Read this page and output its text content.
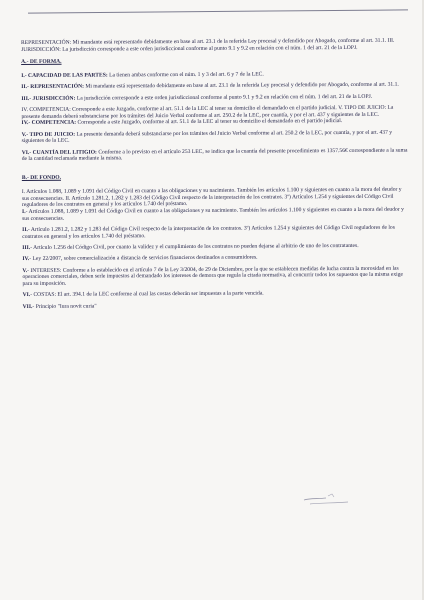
REPRESENTACIÓN: Mi mandante está representado debidamente en base al art. 23.1 de la referida Ley procesal y defendido por Abogado, conforme al art. 31.1. III. JURISDICCIÓN: La jurisdicción corresponde a este orden jurisdiccional conforme al punto 9.1 y 9.2 en relación con el núm. 1 del art. 21 de la LOPJ.

A.- DE FORMA.

I.- CAPACIDAD DE LAS PARTES: La tienen ambas conforme con el núm. 1 y 3 del art. 6 y 7 de la LEC.

II.- REPRESENTACIÓN: Mi mandante está representado debidamente en base al art. 23.1 de la referida Ley procesal y defendido por Abogado, conforme al art. 31.1.

III.- JURISDICCIÓN: La jurisdicción corresponde a este orden jurisdiccional conforme al punto 9.1 y 9.2 en relación con el núm. 1 del art. 21 de la LOPJ.

IV. COMPETENCIA: Corresponde a este Juzgado, conforme al art. 51.1 de la LEC al tener su domicilio el demandado en el partido judicial. V. TIPO DE JUICIO: La presente demanda deberá substanciarse por los trámites del Juicio Verbal conforme al art. 250.2 de la LEC, por cuantía, y por el art. 437 y siguientes de la LEC.

IV.- COMPETENCIA: Corresponde a este Juzgado, conforme al art. 51.1 de la LEC al tener su domicilio el demandado en el partido judicial.

V.- TIPO DE JUICIO: La presente demanda deberá substanciarse por los trámites del Juicio Verbal conforme al art. 250.2 de la LEC, por cuantía, y por el art. 437 y siguientes de la LEC.

VI.- CUANTÍA DEL LITIGIO: Conforme a lo previsto en el artículo 253 LEC, se indica que la cuantía del presente procedimiento es 1357.56€ correspondiente a la suma de la cantidad reclamada mediante la misma.

B.- DE FONDO.

I. Artículos 1.088, 1.089 y 1.091 del Código Civil en cuanto a las obligaciones y su nacimiento. También los artículos 1.100 y siguientes en cuanto a la mora del deudor y sus consecuencias. II. Artículo 1.281.2, 1.282 y 1.283 del Código Civil respecto de la interpretación de los contratos. 3º) Artículos 1.254 y siguientes del Código Civil reguladores de los contratos en general y los artículos 1.740 del préstamo.

I.- Artículos 1.088, 1.089 y 1.091 del Código Civil en cuanto a las obligaciones y su nacimiento. También los artículos 1.100 y siguientes en cuanto a la mora del deudor y sus consecuencias.

II.- Artículo 1.281.2, 1.282 y 1.283 del Código Civil respecto de la interpretación de los contratos. 3º) Artículos 1.254 y siguientes del Código Civil reguladores de los contratos en general y los artículos 1.740 del préstamo.

III.- Artículo 1.256 del Código Civil, por cuanto la validez y el cumplimiento de los contratos no pueden dejarse al arbitrio de uno de los contratantes.

IV.- Ley 22/2007, sobre comercialización a distancia de servicios financieros destinados a consumidores.

V.- INTERESES: Conforme a lo establecido en el artículo 7 de la Ley 3/2004, de 29 de Diciembre, por la que se establecen medidas de lucha contra la morosidad en las operaciones comerciales, deben serle impuestos al demandado los intereses de demora que regula la citada normativa, al concurrir todos los supuestos que la misma exige para su imposición.

VI.- COSTAS: El art. 394.1 de la LEC conforme al cual las costas deberán ser impuestas a la parte vencida.

VII.- Principio "Iura novit curia"
